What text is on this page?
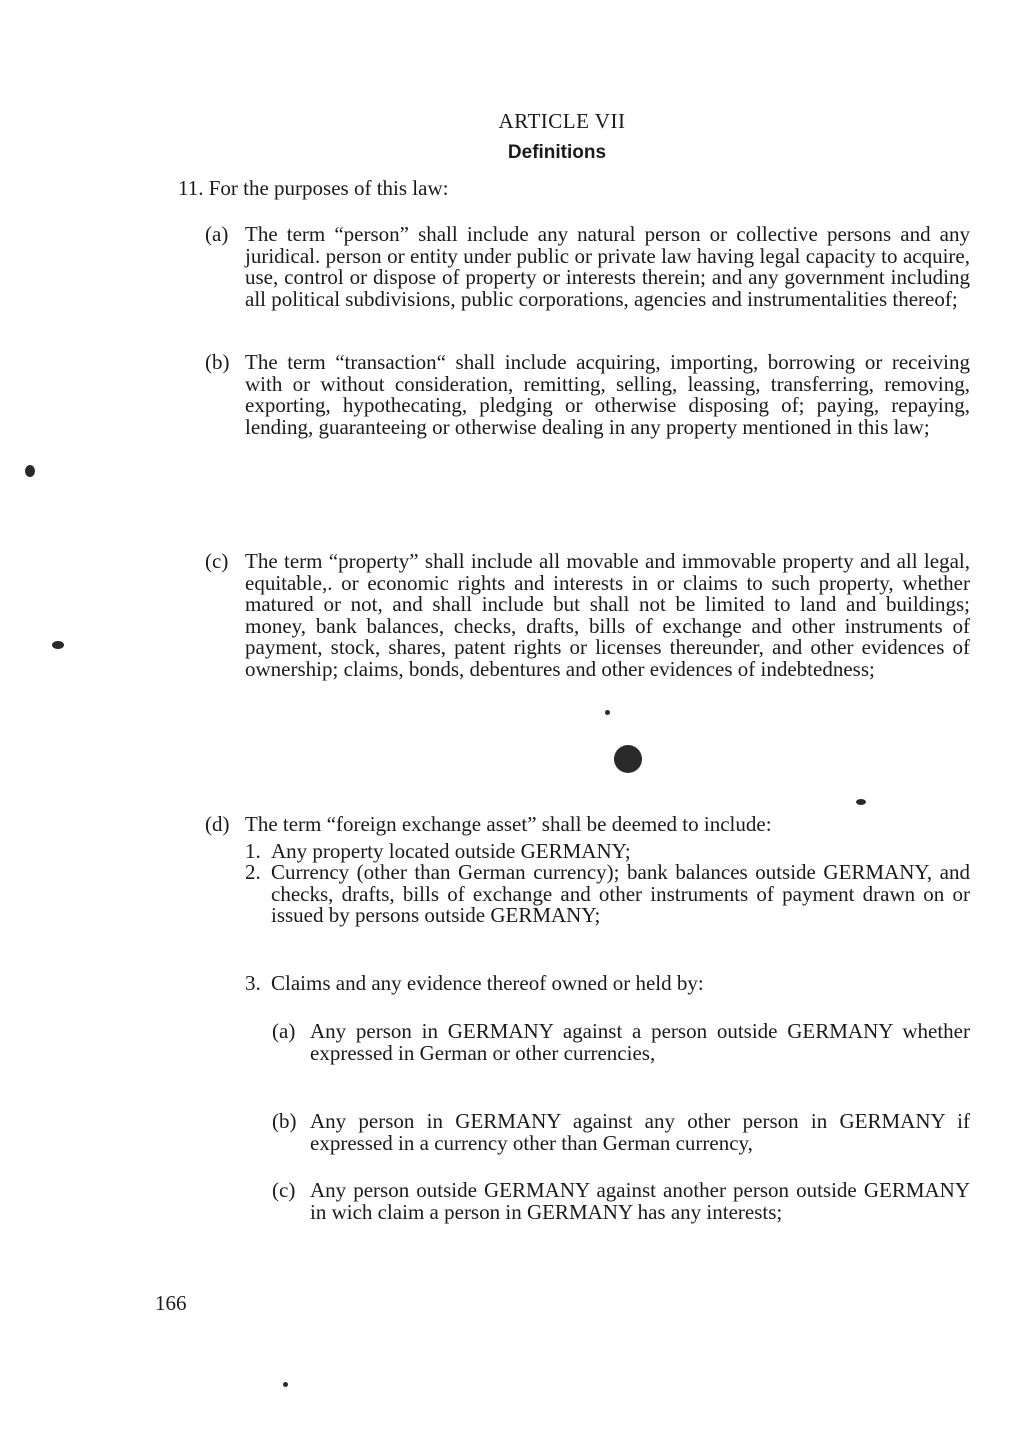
ARTICLE VII
Definitions
11. For the purposes of this law:
(a) The term “person” shall include any natural person or collective persons and any juridical. person or entity under public or private law having legal capacity to acquire, use, control or dispose of property or interests therein; and any government including all political subdivisions, public corporations, agencies and instrumentalities thereof;
(b) The term “transaction“ shall include acquiring, importing, borrowing or receiving with or without consideration, remitting, selling, leassing, transferring, removing, exporting, hypothecating, pledging or otherwise disposing of; paying, repaying, lending, guaranteeing or otherwise dealing in any property mentioned in this law;
(c) The term “property” shall include all movable and immovable property and all legal, equitable,. or economic rights and interests in or claims to such property, whether matured or not, and shall include but shall not be limited to land and buildings; money, bank balances, checks, drafts, bills of exchange and other instruments of payment, stock, shares, patent rights or licenses thereunder, and other evidences of ownership; claims, bonds, debentures and other evidences of indebtedness;
(d) The term “foreign exchange asset” shall be deemed to include:
1. Any property located outside GERMANY;
2. Currency (other than German currency); bank balances outside GERMANY, and checks, drafts, bills of exchange and other instruments of payment drawn on or issued by persons outside GERMANY;
3. Claims and any evidence thereof owned or held by:
(a) Any person in GERMANY against a person outside GERMANY whether expressed in German or other currencies,
(b) Any person in GERMANY against any other person in GERMANY if expressed in a currency other than German currency,
(c) Any person outside GERMANY against another person outside GERMANY in wich claim a person in GERMANY has any interests;
166
